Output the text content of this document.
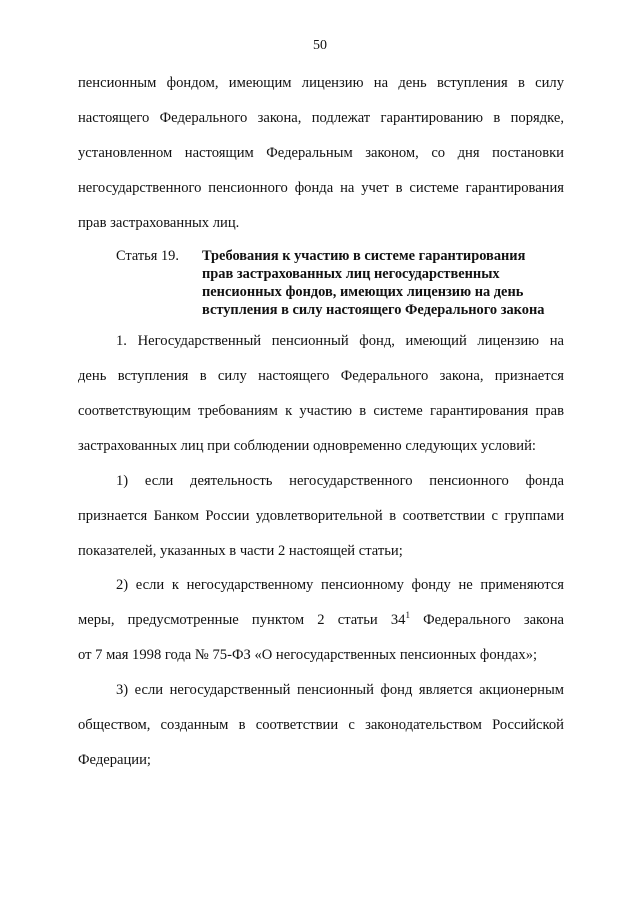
50

пенсионным фондом, имеющим лицензию на день вступления в силу
настоящего Федерального закона, подлежат гарантированию в порядке,
установленном настоящим Федеральным законом, со дня постановки
негосударственного пенсионного фонда на учет в системе гарантирования
прав застрахованных лиц.

Статья 19.	Требования к участию в системе гарантирования
прав застрахованных лиц негосударственных
пенсионных фондов, имеющих лицензию на день
вступления в силу настоящего Федерального закона

1. Негосударственный пенсионный фонд, имеющий лицензию на
день вступления в силу настоящего Федерального закона, признается
соответствующим требованиям к участию в системе гарантирования прав
застрахованных лиц при соблюдении одновременно следующих условий:

1) если деятельность негосударственного пенсионного фонда
признается Банком России удовлетворительной в соответствии с группами
показателей, указанных в части 2 настоящей статьи;

2) если к негосударственному пенсионному фонду не применяются
меры, предусмотренные пунктом 2 статьи $34^1$ Федерального закона
от 7 мая 1998 года № 75-ФЗ «О негосударственных пенсионных фондах»;

3) если негосударственный пенсионный фонд является акционерным
обществом, созданным в соответствии с законодательством Российской
Федерации;
